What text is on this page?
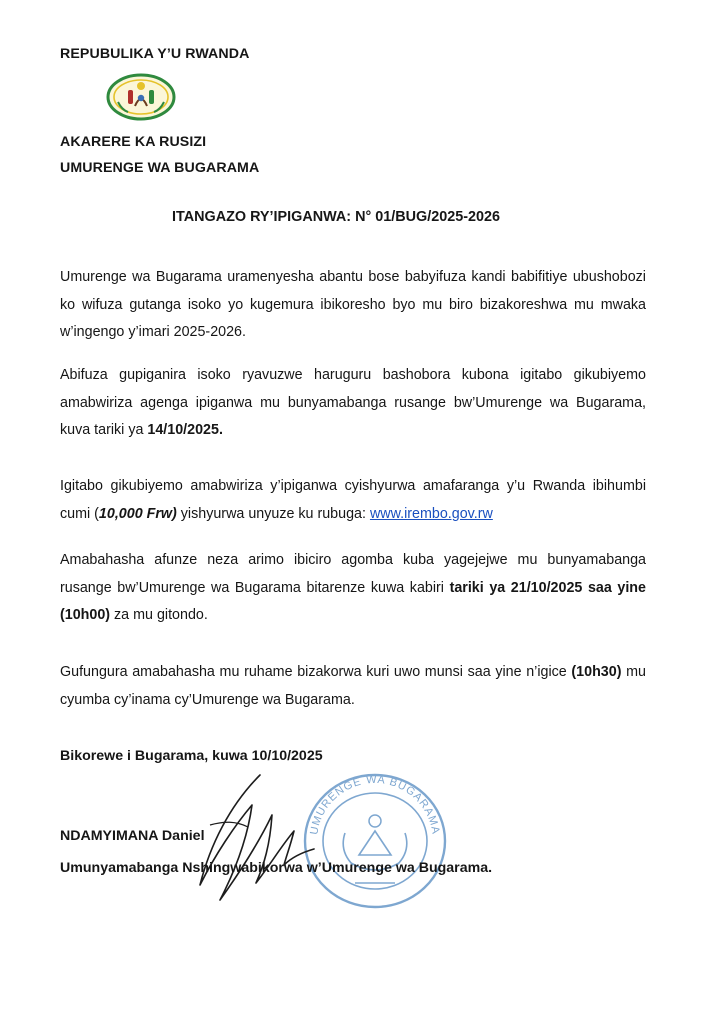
REPUBULIKA Y’U RWANDA
AKARERE KA RUSIZI
UMURENGE WA BUGARAMA
ITANGAZO RY’IPIGANWA: N° 01/BUG/2025-2026

Umurenge wa Bugarama uramenyesha abantu bose babyifuza kandi babifitiye ubushobozi ko wifuza gutanga isoko yo kugemura ibikoresho byo mu biro bizakoreshwa mu mwaka w’ingengo y’imari 2025-2026.

Abifuza gupiganira isoko ryavuzwe haruguru bashobora kubona igitabo gikubiyemo amabwiriza agenga ipiganwa mu bunyamabanga rusange bw’Umurenge wa Bugarama, kuva tariki ya 14/10/2025.

Igitabo gikubiyemo amabwiriza y’ipiganwa cyishyurwa amafaranga y’u Rwanda ibihumbi cumi (10,000 Frw) yishyurwa unyuze ku rubuga: www.irembo.gov.rw

Amabahasha afunze neza arimo ibiciro agomba kuba yagejejwe mu bunyamabanga rusange bw’Umurenge wa Bugarama bitarenze kuwa kabiri tariki ya 21/10/2025 saa yine (10h00) za mu gitondo.

Gufungura amabahasha mu ruhame bizakorwa kuri uwo munsi saa yine n’igice (10h30) mu cyumba cy’inama cy’Umurenge wa Bugarama.

Bikorewe i Bugarama, kuwa 10/10/2025
UMURENGE WA BUGARAMA
NDAMYIMANA Daniel
Umunyamabanga Nshingwabikorwa w’Umurenge wa Bugarama.
